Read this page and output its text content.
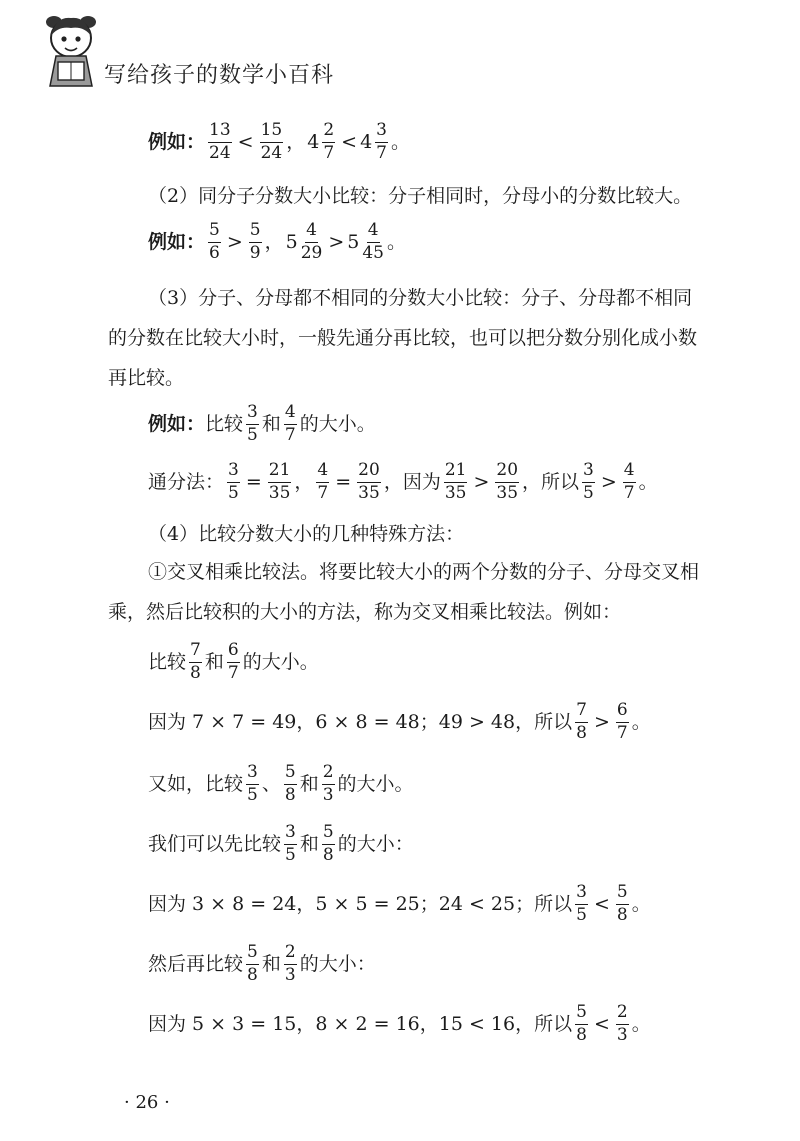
写给孩子的数学小百科
例如： $\frac{13}{24} < \frac{15}{24}$ ， $4 \frac{2}{7} < 4 \frac{3}{7}$ 。
（2）同分子分数大小比较：分子相同时，分母小的分数比较大。
例如： $\frac{5}{6} > \frac{5}{9}$ ， $5 \frac{4}{29} > 5 \frac{4}{45}$ 。
（3）分子、分母都不相同的分数大小比较：分子、分母都不相同
的分数在比较大小时，一般先通分再比较，也可以把分数分别化成小数
再比较。
例如： 比较 $\frac{3}{5}$ 和 $\frac{4}{7}$ 的大小。
通分法： $\frac{3}{5} = \frac{21}{35}$ ， $\frac{4}{7} = \frac{20}{35}$ ，因为 $\frac{21}{35} > \frac{20}{35}$ ，所以 $\frac{3}{5} > \frac{4}{7}$ 。
（4）比较分数大小的几种特殊方法：
①交叉相乘比较法。将要比较大小的两个分数的分子、分母交叉相
乘，然后比较积的大小的方法，称为交叉相乘比较法。例如：
比较 $\frac{7}{8}$ 和 $\frac{6}{7}$ 的大小。
因为 7 × 7 = 49，6 × 8 = 48；49 > 48，所以 $\frac{7}{8} > \frac{6}{7}$ 。
又如，比较 $\frac{3}{5}$ 、 $\frac{5}{8}$ 和 $\frac{2}{3}$ 的大小。
我们可以先比较 $\frac{3}{5}$ 和 $\frac{5}{8}$ 的大小：
因为 3 × 8 = 24，5 × 5 = 25；24 < 25；所以 $\frac{3}{5} < \frac{5}{8}$ 。
然后再比较 $\frac{5}{8}$ 和 $\frac{2}{3}$ 的大小：
因为 5 × 3 = 15，8 × 2 = 16，15 < 16，所以 $\frac{5}{8} < \frac{2}{3}$ 。
· 26 ·
